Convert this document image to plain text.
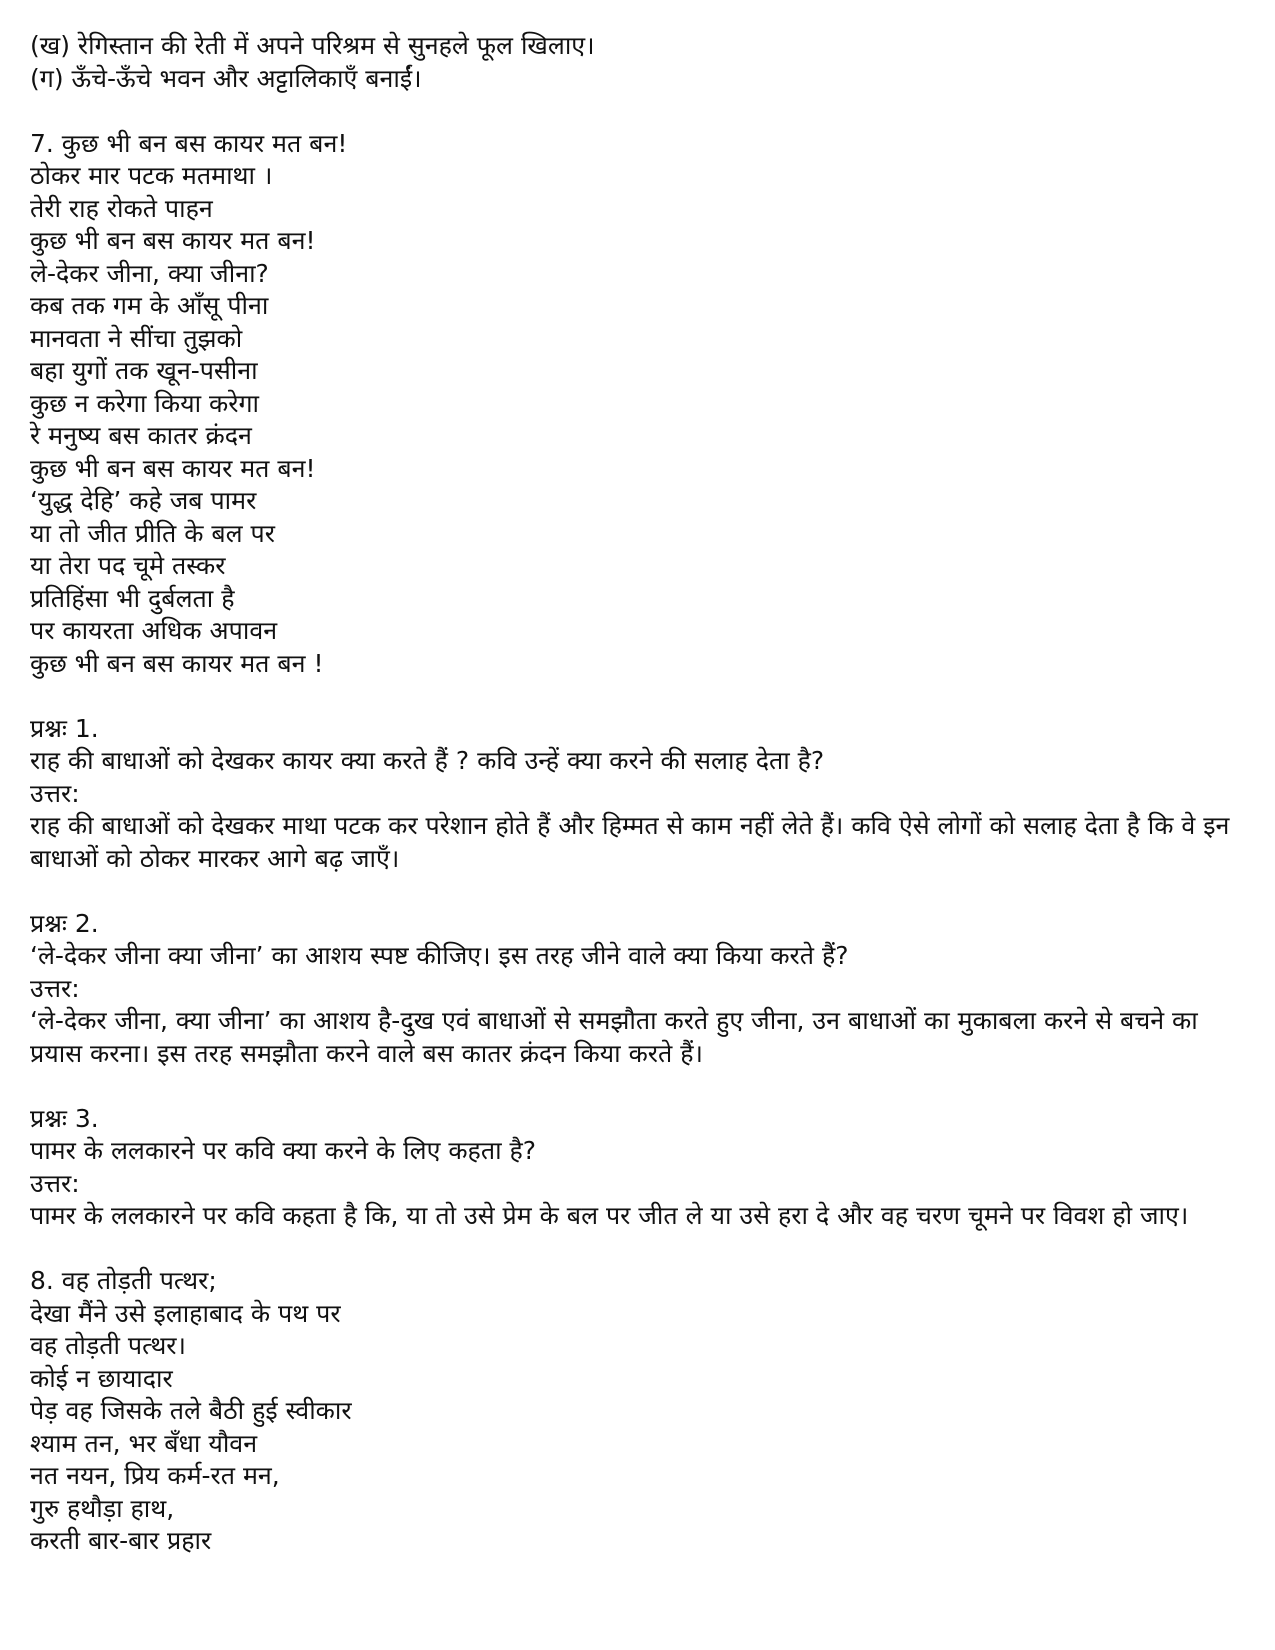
(ख) रेगिस्तान की रेती में अपने परिश्रम से सुनहले फूल खिलाए।
(ग) ऊँचे-ऊँचे भवन और अट्टालिकाएँ बनाईं।
7. कुछ भी बन बस कायर मत बन!
ठोकर मार पटक मतमाथा ।
तेरी राह रोकते पाहन
कुछ भी बन बस कायर मत बन!
ले-देकर जीना, क्या जीना?
कब तक गम के आँसू पीना
मानवता ने सींचा तुझको
बहा युगों तक खून-पसीना
कुछ न करेगा किया करेगा
रे मनुष्य बस कातर क्रंदन
कुछ भी बन बस कायर मत बन!
‘युद्ध देहि’ कहे जब पामर
या तो जीत प्रीति के बल पर
या तेरा पद चूमे तस्कर
प्रतिहिंसा भी दुर्बलता है
पर कायरता अधिक अपावन
कुछ भी बन बस कायर मत बन !
प्रश्नः 1.
राह की बाधाओं को देखकर कायर क्या करते हैं ? कवि उन्हें क्या करने की सलाह देता है?
उत्तर:
राह की बाधाओं को देखकर माथा पटक कर परेशान होते हैं और हिम्मत से काम नहीं लेते हैं। कवि ऐसे लोगों को सलाह देता है कि वे इन बाधाओं को ठोकर मारकर आगे बढ़ जाएँ।
प्रश्नः 2.
‘ले-देकर जीना क्या जीना’ का आशय स्पष्ट कीजिए। इस तरह जीने वाले क्या किया करते हैं?
उत्तर:
‘ले-देकर जीना, क्या जीना’ का आशय है-दुख एवं बाधाओं से समझौता करते हुए जीना, उन बाधाओं का मुकाबला करने से बचने का प्रयास करना। इस तरह समझौता करने वाले बस कातर क्रंदन किया करते हैं।
प्रश्नः 3.
पामर के ललकारने पर कवि क्या करने के लिए कहता है?
उत्तर:
पामर के ललकारने पर कवि कहता है कि, या तो उसे प्रेम के बल पर जीत ले या उसे हरा दे और वह चरण चूमने पर विवश हो जाए।
8. वह तोड़ती पत्थर;
देखा मैंने उसे इलाहाबाद के पथ पर
वह तोड़ती पत्थर।
कोई न छायादार
पेड़ वह जिसके तले बैठी हुई स्वीकार
श्याम तन, भर बँधा यौवन
नत नयन, प्रिय कर्म-रत मन,
गुरु हथौड़ा हाथ,
करती बार-बार प्रहार
